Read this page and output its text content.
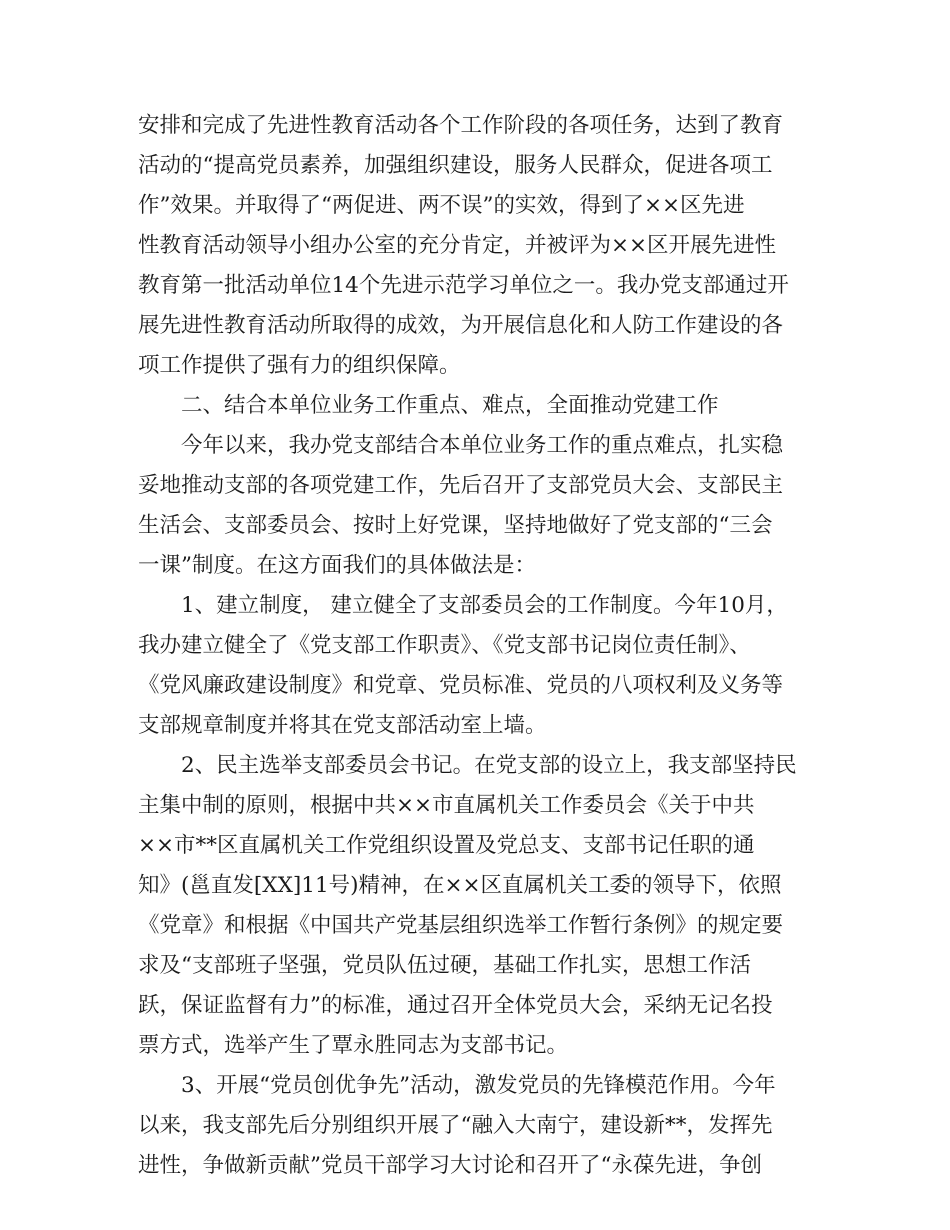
安排和完成了先进性教育活动各个工作阶段的各项任务，达到了教育
活动的“提高党员素养，加强组织建设，服务人民群众，促进各项工
作”效果。并取得了“两促进、两不误”的实效，得到了××区先进
性教育活动领导小组办公室的充分肯定，并被评为××区开展先进性
教育第一批活动单位14个先进示范学习单位之一。我办党支部通过开
展先进性教育活动所取得的成效，为开展信息化和人防工作建设的各
项工作提供了强有力的组织保障。
二、结合本单位业务工作重点、难点，全面推动党建工作
今年以来，我办党支部结合本单位业务工作的重点难点，扎实稳
妥地推动支部的各项党建工作，先后召开了支部党员大会、支部民主
生活会、支部委员会、按时上好党课，坚持地做好了党支部的“三会
一课”制度。在这方面我们的具体做法是：
1、建立制度， 建立健全了支部委员会的工作制度。今年10月，
我办建立健全了《党支部工作职责》、《党支部书记岗位责任制》、
《党风廉政建设制度》和党章、党员标准、党员的八项权利及义务等
支部规章制度并将其在党支部活动室上墙。
2、民主选举支部委员会书记。在党支部的设立上，我支部坚持民
主集中制的原则，根据中共××市直属机关工作委员会《关于中共
××市**区直属机关工作党组织设置及党总支、支部书记任职的通
知》(邕直发[XX]11号)精神，在××区直属机关工委的领导下，依照
《党章》和根据《中国共产党基层组织选举工作暂行条例》的规定要
求及“支部班子坚强，党员队伍过硬，基础工作扎实，思想工作活
跃，保证监督有力”的标准，通过召开全体党员大会，采纳无记名投
票方式，选举产生了覃永胜同志为支部书记。
3、开展“党员创优争先”活动，激发党员的先锋模范作用。今年
以来，我支部先后分别组织开展了“融入大南宁，建设新**，发挥先
进性，争做新贡献”党员干部学习大讨论和召开了“永葆先进，争创
